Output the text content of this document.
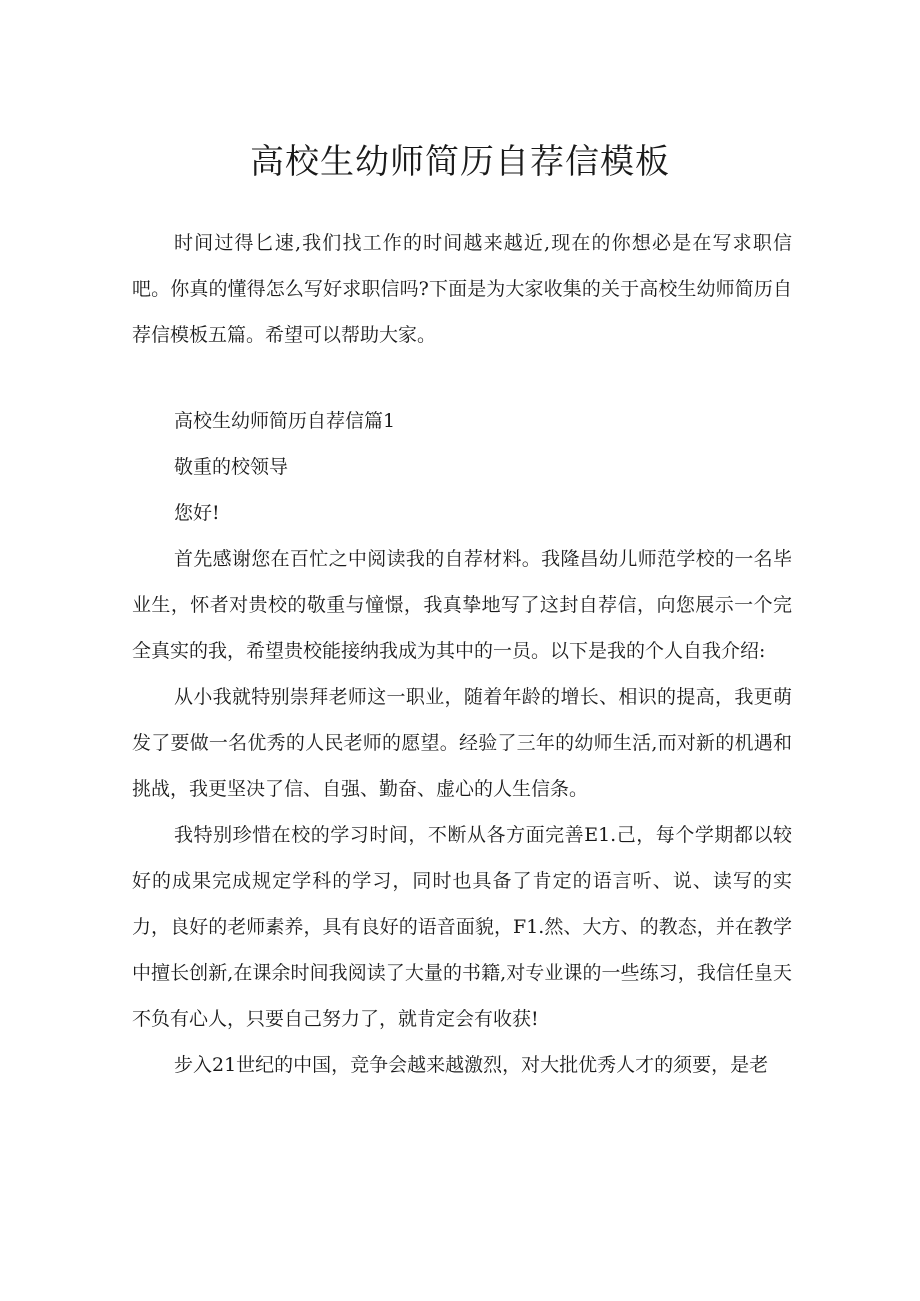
高校生幼师简历自荐信模板

时间过得匕速,我们找工作的时间越来越近,现在的你想必是在写求职信吧。你真的懂得怎么写好求职信吗?下面是为大家收集的关于高校生幼师简历自荐信模板五篇。希望可以帮助大家。

高校生幼师简历自荐信篇1

敬重的校领导

您好!

首先感谢您在百忙之中阅读我的自荐材料。我隆昌幼儿师范学校的一名毕业生，怀者对贵校的敬重与憧憬，我真挚地写了这封自荐信，向您展示一个完全真实的我，希望贵校能接纳我成为其中的一员。以下是我的个人自我介绍:

从小我就特别崇拜老师这一职业，随着年龄的增长、相识的提高，我更萌发了要做一名优秀的人民老师的愿望。经验了三年的幼师生活,而对新的机遇和挑战，我更坚决了信、自强、勤奋、虚心的人生信条。

我特别珍惜在校的学习时间，不断从各方面完善E1.己，每个学期都以较好的成果完成规定学科的学习，同时也具备了肯定的语言听、说、读写的实力，良好的老师素养，具有良好的语音面貌，F1.然、大方、的教态，并在教学中擅长创新,在课余时间我阅读了大量的书籍,对专业课的一些练习，我信任皇天不负有心人，只要自己努力了，就肯定会有收获!

步入21世纪的中国，竞争会越来越激烈，对大批优秀人才的须要，是老
